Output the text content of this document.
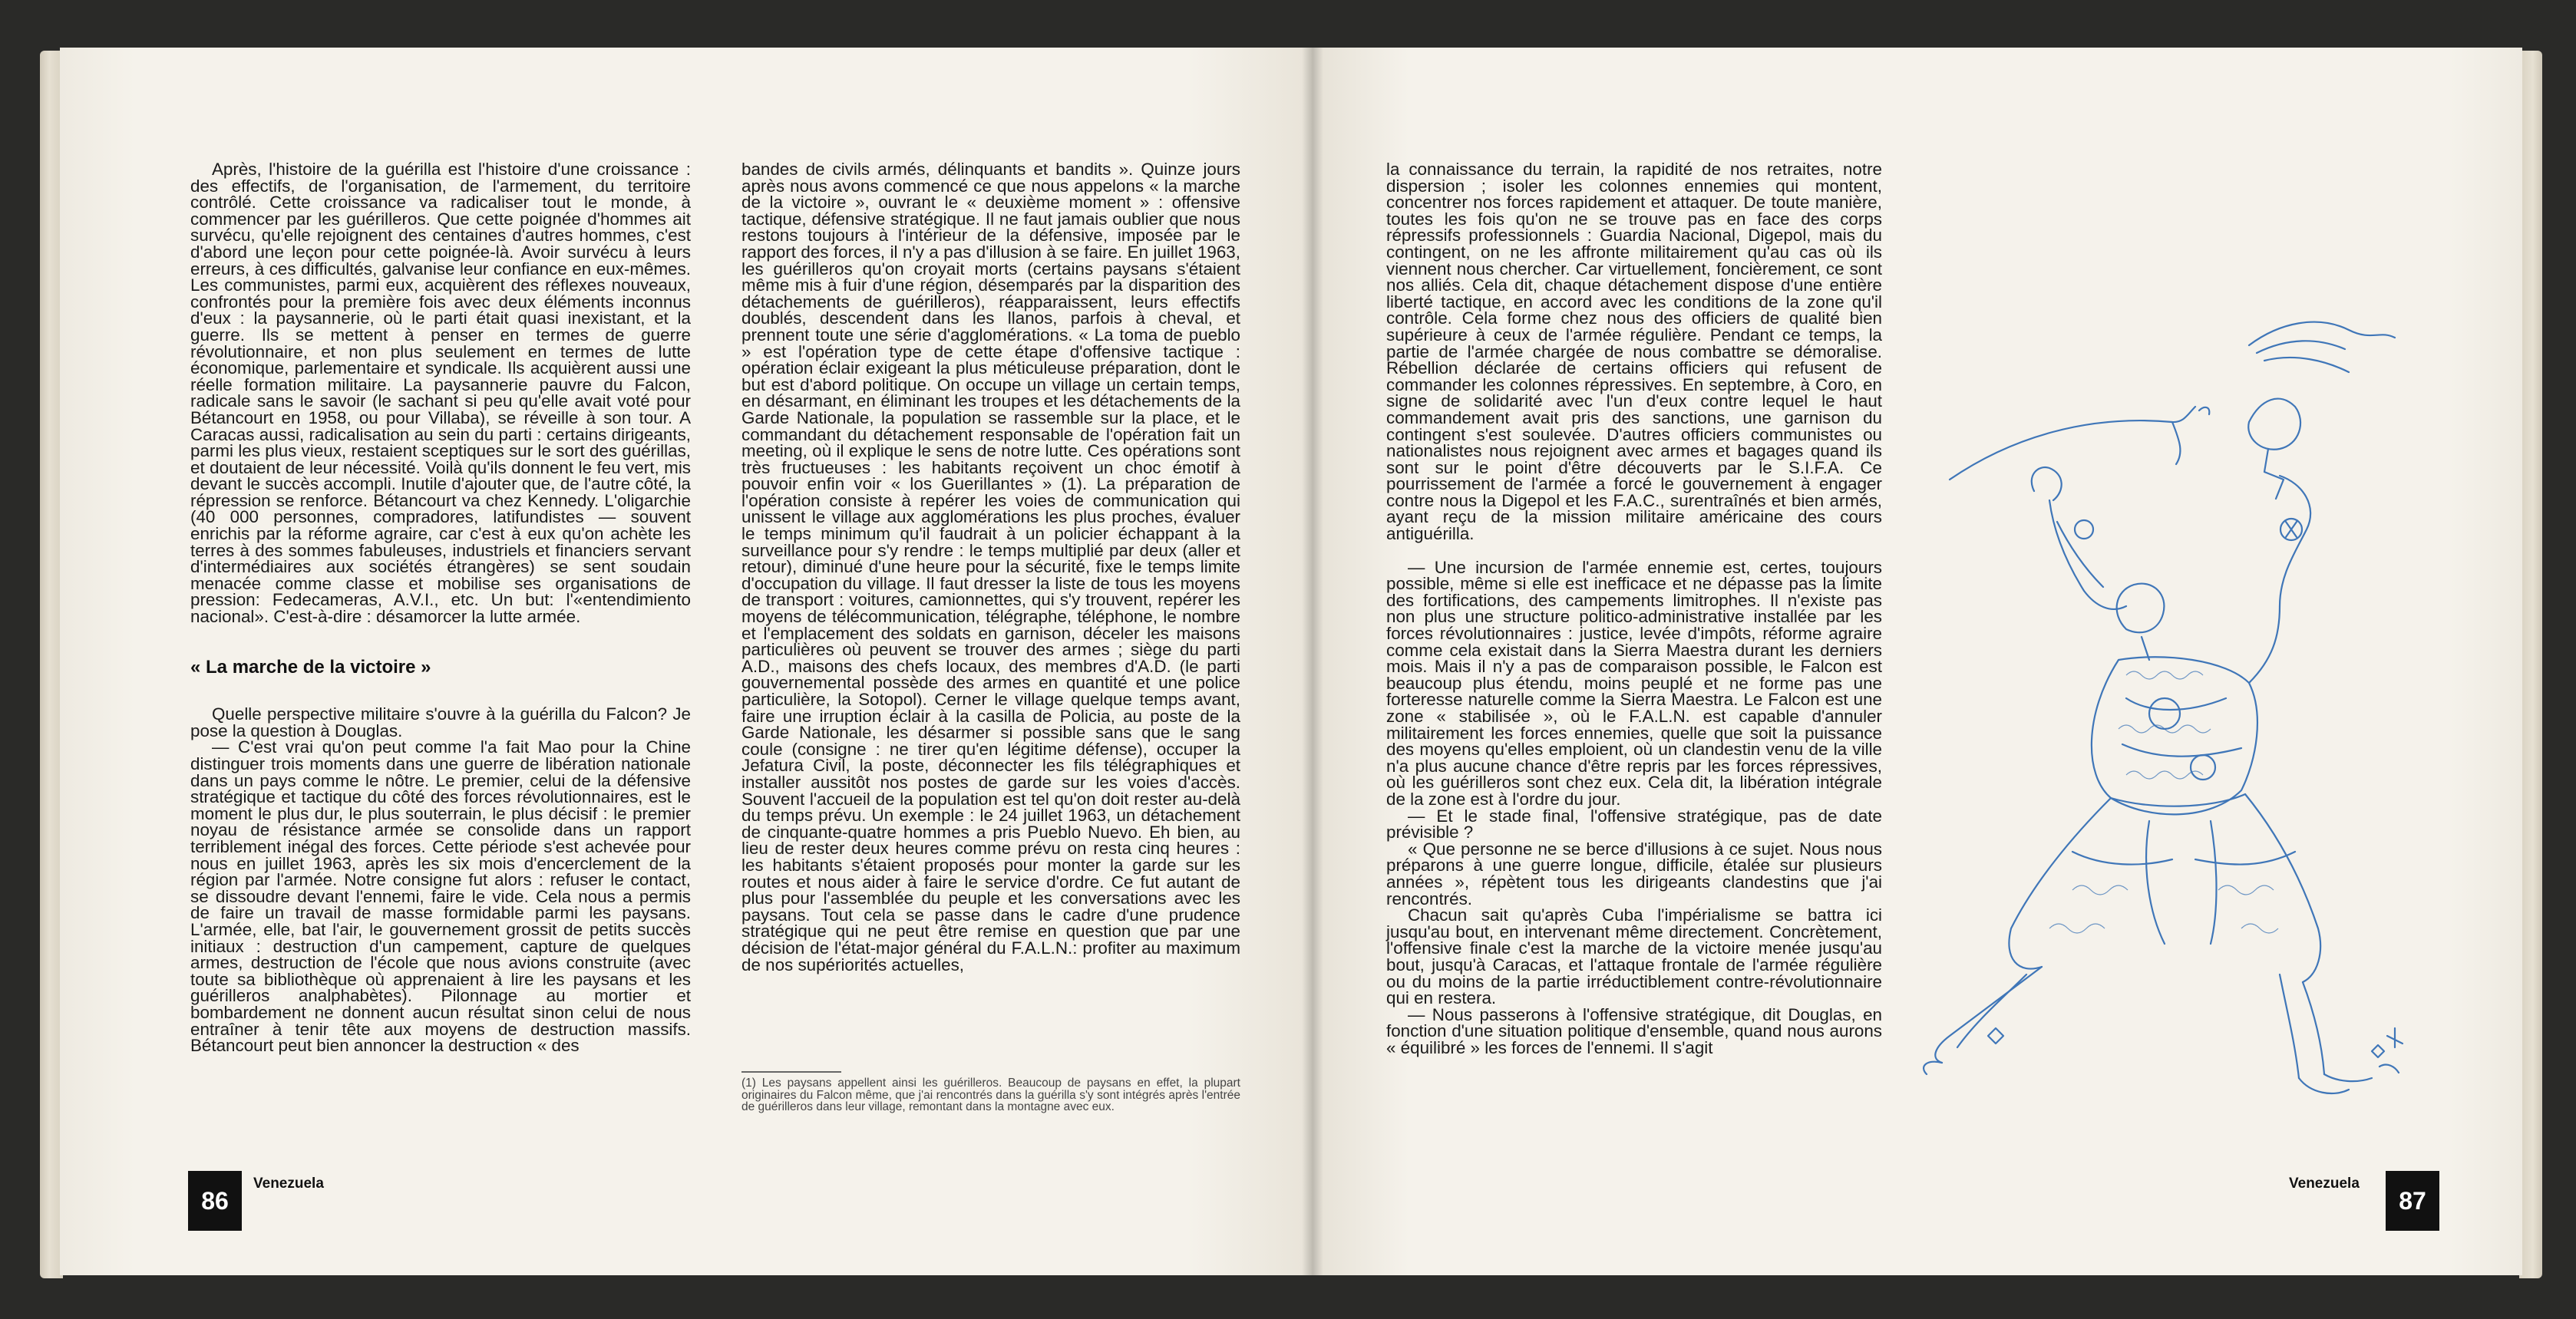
Après, l'histoire de la guérilla est l'histoire d'une croissance : des effectifs, de l'organisation, de l'armement, du territoire contrôlé. Cette croissance va radicaliser tout le monde, à commencer par les guérilleros. Que cette poignée d'hommes ait survécu, qu'elle rejoignent des centaines d'autres hommes, c'est d'abord une leçon pour cette poignée-là. Avoir survécu à leurs erreurs, à ces difficultés, galvanise leur confiance en eux-mêmes. Les communistes, parmi eux, acquièrent des réflexes nouveaux, confrontés pour la première fois avec deux éléments inconnus d'eux : la paysannerie, où le parti était quasi inexistant, et la guerre. Ils se mettent à penser en termes de guerre révolutionnaire, et non plus seulement en termes de lutte économique, parlementaire et syndicale. Ils acquièrent aussi une réelle formation militaire. La paysannerie pauvre du Falcon, radicale sans le savoir (le sachant si peu qu'elle avait voté pour Bétancourt en 1958, ou pour Villaba), se réveille à son tour. A Caracas aussi, radicalisation au sein du parti : certains dirigeants, parmi les plus vieux, restaient sceptiques sur le sort des guérillas, et doutaient de leur nécessité. Voilà qu'ils donnent le feu vert, mis devant le succès accompli. Inutile d'ajouter que, de l'autre côté, la répression se renforce. Bétancourt va chez Kennedy. L'oligarchie (40 000 personnes, compradores, latifundistes — souvent enrichis par la réforme agraire, car c'est à eux qu'on achète les terres à des sommes fabuleuses, industriels et financiers servant d'intermédiaires aux sociétés étrangères) se sent soudain menacée comme classe et mobilise ses organisations de pression: Fedecameras, A.V.I., etc. Un but: l'«entendimiento nacional». C'est-à-dire : désamorcer la lutte armée.

« La marche de la victoire »

Quelle perspective militaire s'ouvre à la guérilla du Falcon? Je pose la question à Douglas.

— C'est vrai qu'on peut comme l'a fait Mao pour la Chine distinguer trois moments dans une guerre de libération nationale dans un pays comme le nôtre. Le premier, celui de la défensive stratégique et tactique du côté des forces révolutionnaires, est le moment le plus dur, le plus souterrain, le plus décisif : le premier noyau de résistance armée se consolide dans un rapport terriblement inégal des forces. Cette période s'est achevée pour nous en juillet 1963, après les six mois d'encerclement de la région par l'armée. Notre consigne fut alors : refuser le contact, se dissoudre devant l'ennemi, faire le vide. Cela nous a permis de faire un travail de masse formidable parmi les paysans. L'armée, elle, bat l'air, le gouvernement grossit de petits succès initiaux : destruction d'un campement, capture de quelques armes, destruction de l'école que nous avions construite (avec toute sa bibliothèque où apprenaient à lire les paysans et les guérilleros analphabètes). Pilonnage au mortier et bombardement ne donnent aucun résultat sinon celui de nous entraîner à tenir tête aux moyens de destruction massifs. Bétancourt peut bien annoncer la destruction « des

bandes de civils armés, délinquants et bandits ». Quinze jours après nous avons commencé ce que nous appelons « la marche de la victoire », ouvrant le « deuxième moment » : offensive tactique, défensive stratégique. Il ne faut jamais oublier que nous restons toujours à l'intérieur de la défensive, imposée par le rapport des forces, il n'y a pas d'illusion à se faire. En juillet 1963, les guérilleros qu'on croyait morts (certains paysans s'étaient même mis à fuir d'une région, désemparés par la disparition des détachements de guérilleros), réapparaissent, leurs effectifs doublés, descendent dans les llanos, parfois à cheval, et prennent toute une série d'agglomérations. « La toma de pueblo » est l'opération type de cette étape d'offensive tactique : opération éclair exigeant la plus méticuleuse préparation, dont le but est d'abord politique. On occupe un village un certain temps, en désarmant, en éliminant les troupes et les détachements de la Garde Nationale, la population se rassemble sur la place, et le commandant du détachement responsable de l'opération fait un meeting, où il explique le sens de notre lutte. Ces opérations sont très fructueuses : les habitants reçoivent un choc émotif à pouvoir enfin voir « los Guerillantes » (1). La préparation de l'opération consiste à repérer les voies de communication qui unissent le village aux agglomérations les plus proches, évaluer le temps minimum qu'il faudrait à un policier échappant à la surveillance pour s'y rendre : le temps multiplié par deux (aller et retour), diminué d'une heure pour la sécurité, fixe le temps limite d'occupation du village. Il faut dresser la liste de tous les moyens de transport : voitures, camionnettes, qui s'y trouvent, repérer les moyens de télécommunication, télégraphe, téléphone, le nombre et l'emplacement des soldats en garnison, déceler les maisons particulières où peuvent se trouver des armes ; siège du parti A.D., maisons des chefs locaux, des membres d'A.D. (le parti gouvernemental possède des armes en quantité et une police particulière, la Sotopol). Cerner le village quelque temps avant, faire une irruption éclair à la casilla de Policia, au poste de la Garde Nationale, les désarmer si possible sans que le sang coule (consigne : ne tirer qu'en légitime défense), occuper la Jefatura Civil, la poste, déconnecter les fils télégraphiques et installer aussitôt nos postes de garde sur les voies d'accès. Souvent l'accueil de la population est tel qu'on doit rester au-delà du temps prévu. Un exemple : le 24 juillet 1963, un détachement de cinquante-quatre hommes a pris Pueblo Nuevo. Eh bien, au lieu de rester deux heures comme prévu on resta cinq heures : les habitants s'étaient proposés pour monter la garde sur les routes et nous aider à faire le service d'ordre. Ce fut autant de plus pour l'assemblée du peuple et les conversations avec les paysans. Tout cela se passe dans le cadre d'une prudence stratégique qui ne peut être remise en question que par une décision de l'état-major général du F.A.L.N.: profiter au maximum de nos supériorités actuelles,

(1) Les paysans appellent ainsi les guérilleros. Beaucoup de paysans en effet, la plupart originaires du Falcon même, que j'ai rencontrés dans la guérilla s'y sont intégrés après l'entrée de guérilleros dans leur village, remontant dans la montagne avec eux.
86
Venezuela

la connaissance du terrain, la rapidité de nos retraites, notre dispersion ; isoler les colonnes ennemies qui montent, concentrer nos forces rapidement et attaquer. De toute manière, toutes les fois qu'on ne se trouve pas en face des corps répressifs professionnels : Guardia Nacional, Digepol, mais du contingent, on ne les affronte militairement qu'au cas où ils viennent nous chercher. Car virtuellement, foncièrement, ce sont nos alliés. Cela dit, chaque détachement dispose d'une entière liberté tactique, en accord avec les conditions de la zone qu'il contrôle. Cela forme chez nous des officiers de qualité bien supérieure à ceux de l'armée régulière. Pendant ce temps, la partie de l'armée chargée de nous combattre se démoralise. Rébellion déclarée de certains officiers qui refusent de commander les colonnes répressives. En septembre, à Coro, en signe de solidarité avec l'un d'eux contre lequel le haut commandement avait pris des sanctions, une garnison du contingent s'est soulevée. D'autres officiers communistes ou nationalistes nous rejoignent avec armes et bagages quand ils sont sur le point d'être découverts par le S.I.F.A. Ce pourrissement de l'armée a forcé le gouvernement à engager contre nous la Digepol et les F.A.C., surentraînés et bien armés, ayant reçu de la mission militaire américaine des cours antiguérilla.

— Une incursion de l'armée ennemie est, certes, toujours possible, même si elle est inefficace et ne dépasse pas la limite des fortifications, des campements limitrophes. Il n'existe pas non plus une structure politico-administrative installée par les forces révolutionnaires : justice, levée d'impôts, réforme agraire comme cela existait dans la Sierra Maestra durant les derniers mois. Mais il n'y a pas de comparaison possible, le Falcon est beaucoup plus étendu, moins peuplé et ne forme pas une forteresse naturelle comme la Sierra Maestra. Le Falcon est une zone « stabilisée », où le F.A.L.N. est capable d'annuler militairement les forces ennemies, quelle que soit la puissance des moyens qu'elles emploient, où un clandestin venu de la ville n'a plus aucune chance d'être repris par les forces répressives, où les guérilleros sont chez eux. Cela dit, la libération intégrale de la zone est à l'ordre du jour.

— Et le stade final, l'offensive stratégique, pas de date prévisible ?

« Que personne ne se berce d'illusions à ce sujet. Nous nous préparons à une guerre longue, difficile, étalée sur plusieurs années », répètent tous les dirigeants clandestins que j'ai rencontrés.

Chacun sait qu'après Cuba l'impérialisme se battra ici jusqu'au bout, en intervenant même directement. Concrètement, l'offensive finale c'est la marche de la victoire menée jusqu'au bout, jusqu'à Caracas, et l'attaque frontale de l'armée régulière ou du moins de la partie irréductiblement contre-révolutionnaire qui en restera.

— Nous passerons à l'offensive stratégique, dit Douglas, en fonction d'une situation politique d'ensemble, quand nous aurons « équilibré » les forces de l'ennemi. Il s'agit

Venezuela
87
